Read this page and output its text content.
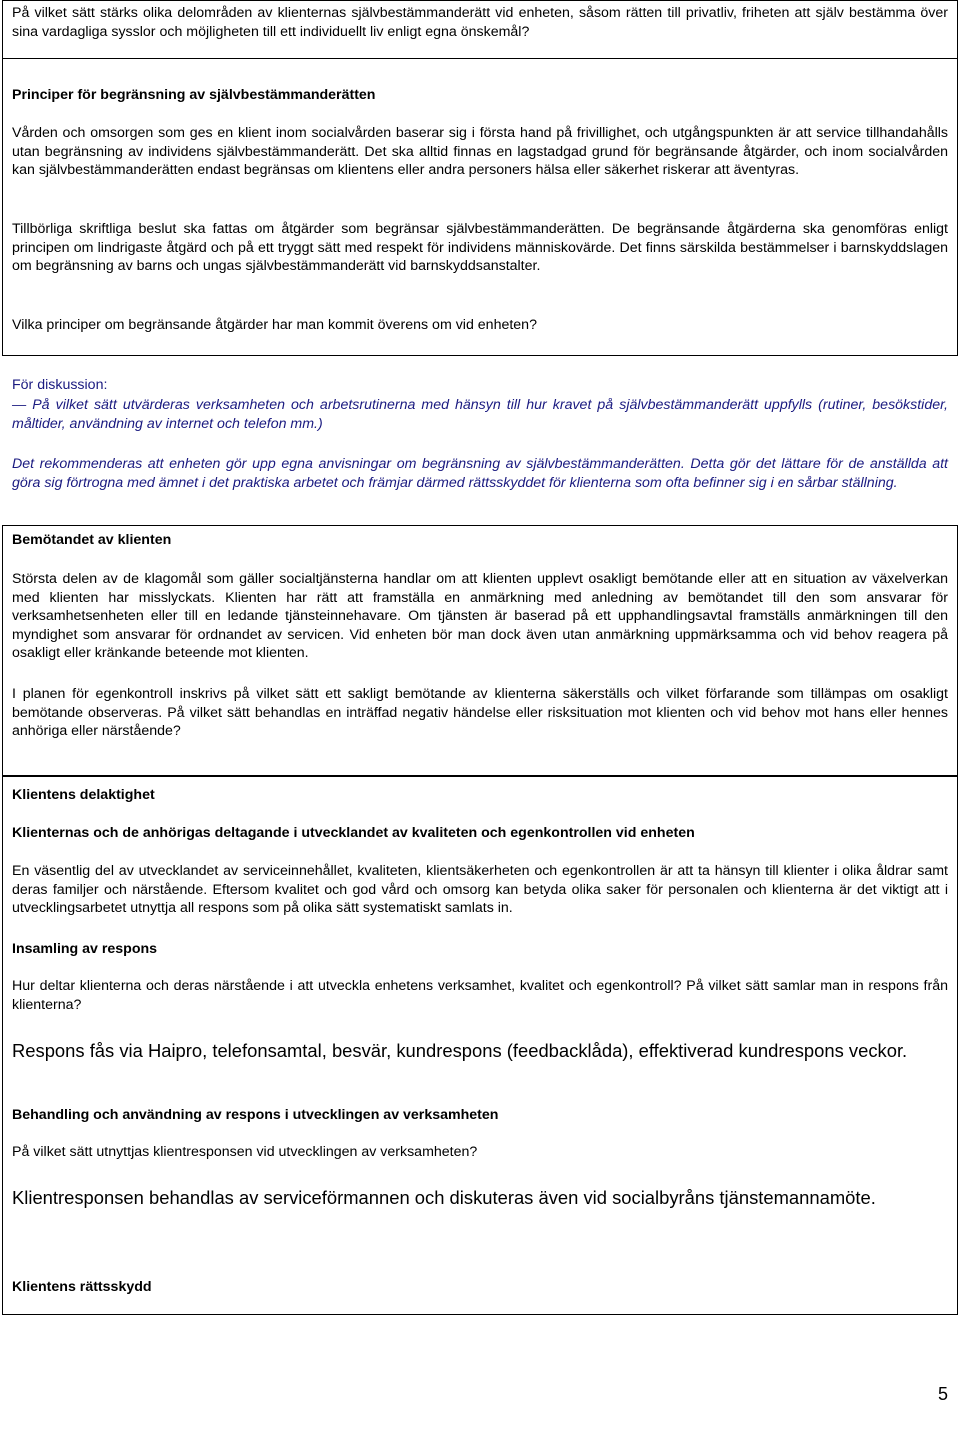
På vilket sätt stärks olika delområden av klienternas självbestämmanderätt vid enheten, såsom rätten till privatliv, friheten att själv bestämma över sina vardagliga sysslor och möjligheten till ett individuellt liv enligt egna önskemål?

Principer för begränsning av självbestämmanderätten

Vården och omsorgen som ges en klient inom socialvården baserar sig i första hand på frivillighet, och utgångspunkten är att service tillhandahålls utan begränsning av individens självbestämmanderätt. Det ska alltid finnas en lagstadgad grund för begränsande åtgärder, och inom socialvården kan självbestämmanderätten endast begränsas om klientens eller andra personers hälsa eller säkerhet riskerar att äventyras.

Tillbörliga skriftliga beslut ska fattas om åtgärder som begränsar självbestämmanderätten. De begränsande åtgärderna ska genomföras enligt principen om lindrigaste åtgärd och på ett tryggt sätt med respekt för individens människovärde. Det finns särskilda bestämmelser i barnskyddslagen om begränsning av barns och ungas självbestämmanderätt vid barnskyddsanstalter.

Vilka principer om begränsande åtgärder har man kommit överens om vid enheten?

För diskussion:

— På vilket sätt utvärderas verksamheten och arbetsrutinerna med hänsyn till hur kravet på självbestämmanderätt uppfylls (rutiner, besökstider, måltider, användning av internet och telefon mm.)

Det rekommenderas att enheten gör upp egna anvisningar om begränsning av självbestämmanderätten. Detta gör det lättare för de anställda att göra sig förtrogna med ämnet i det praktiska arbetet och främjar därmed rättsskyddet för klienterna som ofta befinner sig i en sårbar ställning.

Bemötandet av klienten

Största delen av de klagomål som gäller socialtjänsterna handlar om att klienten upplevt osakligt bemötande eller att en situation av växelverkan med klienten har misslyckats. Klienten har rätt att framställa en anmärkning med anledning av bemötandet till den som ansvarar för verksamhetsenheten eller till en ledande tjänsteinnehavare. Om tjänsten är baserad på ett upphandlingsavtal framställs anmärkningen till den myndighet som ansvarar för ordnandet av servicen. Vid enheten bör man dock även utan anmärkning uppmärksamma och vid behov reagera på osakligt eller kränkande beteende mot klienten.

I planen för egenkontroll inskrivs på vilket sätt ett sakligt bemötande av klienterna säkerställs och vilket förfarande som tillämpas om osakligt bemötande observeras. På vilket sätt behandlas en inträffad negativ händelse eller risksituation mot klienten och vid behov mot hans eller hennes anhöriga eller närstående?

Klientens delaktighet

Klienternas och de anhörigas deltagande i utvecklandet av kvaliteten och egenkontrollen vid enheten

En väsentlig del av utvecklandet av serviceinnehållet, kvaliteten, klientsäkerheten och egenkontrollen är att ta hänsyn till klienter i olika åldrar samt deras familjer och närstående. Eftersom kvalitet och god vård och omsorg kan betyda olika saker för personalen och klienterna är det viktigt att i utvecklingsarbetet utnyttja all respons som på olika sätt systematiskt samlats in.

Insamling av respons

Hur deltar klienterna och deras närstående i att utveckla enhetens verksamhet, kvalitet och egenkontroll? På vilket sätt samlar man in respons från klienterna?

Respons fås via Haipro, telefonsamtal, besvär, kundrespons (feedbacklåda), effektiverad kundrespons veckor.

Behandling och användning av respons i utvecklingen av verksamheten

På vilket sätt utnyttjas klientresponsen vid utvecklingen av verksamheten?

Klientresponsen behandlas av serviceförmannen och diskuteras även vid socialbyråns tjänstemannamöte.

Klientens rättsskydd

5
